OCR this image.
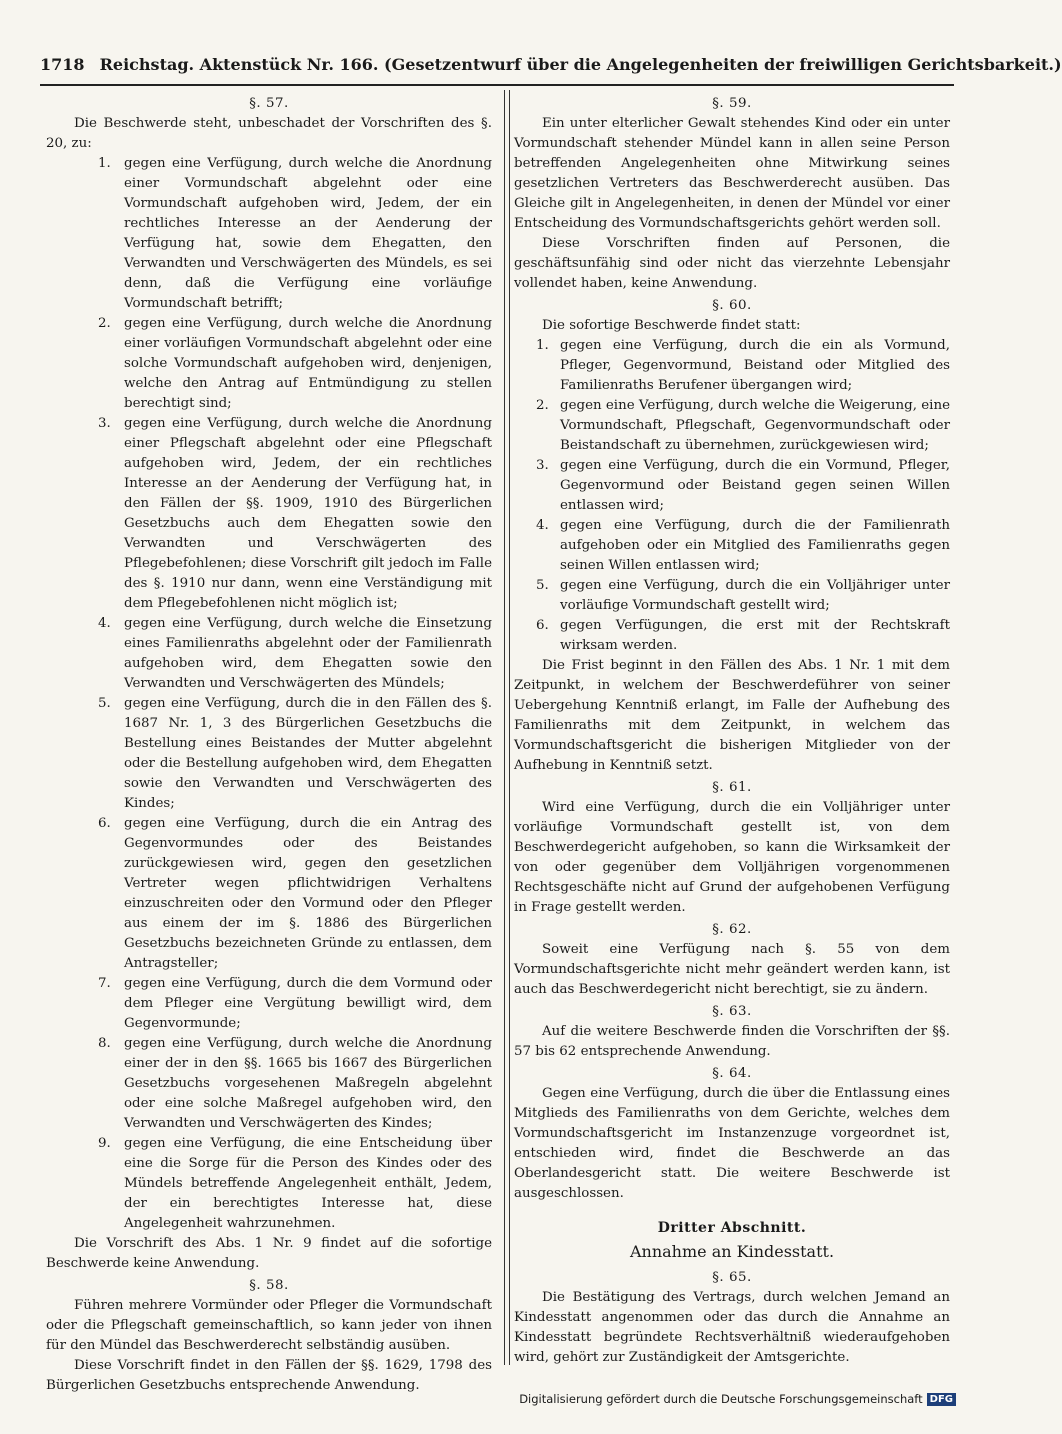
1718 Reichstag. Aktenstück Nr. 166. (Gesetzentwurf über die Angelegenheiten der freiwilligen Gerichtsbarkeit.)
§. 57.

Die Beschwerde steht, unbeschadet der Vorschriften des §. 20, zu:

1. gegen eine Verfügung, durch welche die Anordnung einer Vormundschaft abgelehnt oder eine Vormundschaft aufgehoben wird, Jedem, der ein rechtliches Interesse an der Aenderung der Verfügung hat, sowie dem Ehegatten, den Verwandten und Verschwägerten des Mündels, es sei denn, daß die Verfügung eine vorläufige Vormundschaft betrifft;
2. gegen eine Verfügung, durch welche die Anordnung einer vorläufigen Vormundschaft abgelehnt oder eine solche Vormundschaft aufgehoben wird, denjenigen, welche den Antrag auf Entmündigung zu stellen berechtigt sind;
3. gegen eine Verfügung, durch welche die Anordnung einer Pflegschaft abgelehnt oder eine Pflegschaft aufgehoben wird, Jedem, der ein rechtliches Interesse an der Aenderung der Verfügung hat, in den Fällen der §§. 1909, 1910 des Bürgerlichen Gesetzbuchs auch dem Ehegatten sowie den Verwandten und Verschwägerten des Pflegebefohlenen; diese Vorschrift gilt jedoch im Falle des §. 1910 nur dann, wenn eine Verständigung mit dem Pflegebefohlenen nicht möglich ist;
4. gegen eine Verfügung, durch welche die Einsetzung eines Familienraths abgelehnt oder der Familienrath aufgehoben wird, dem Ehegatten sowie den Verwandten und Verschwägerten des Mündels;
5. gegen eine Verfügung, durch die in den Fällen des §. 1687 Nr. 1, 3 des Bürgerlichen Gesetzbuchs die Bestellung eines Beistandes der Mutter abgelehnt oder die Bestellung aufgehoben wird, dem Ehegatten sowie den Verwandten und Verschwägerten des Kindes;
6. gegen eine Verfügung, durch die ein Antrag des Gegenvormundes oder des Beistandes zurückgewiesen wird, gegen den gesetzlichen Vertreter wegen pflichtwidrigen Verhaltens einzuschreiten oder den Vormund oder den Pfleger aus einem der im §. 1886 des Bürgerlichen Gesetzbuchs bezeichneten Gründe zu entlassen, dem Antragsteller;
7. gegen eine Verfügung, durch die dem Vormund oder dem Pfleger eine Vergütung bewilligt wird, dem Gegenvormunde;
8. gegen eine Verfügung, durch welche die Anordnung einer der in den §§. 1665 bis 1667 des Bürgerlichen Gesetzbuchs vorgesehenen Maßregeln abgelehnt oder eine solche Maßregel aufgehoben wird, den Verwandten und Verschwägerten des Kindes;
9. gegen eine Verfügung, die eine Entscheidung über eine die Sorge für die Person des Kindes oder des Mündels betreffende Angelegenheit enthält, Jedem, der ein berechtigtes Interesse hat, diese Angelegenheit wahrzunehmen.

Die Vorschrift des Abs. 1 Nr. 9 findet auf die sofortige Beschwerde keine Anwendung.

§. 58.

Führen mehrere Vormünder oder Pfleger die Vormundschaft oder die Pflegschaft gemeinschaftlich, so kann jeder von ihnen für den Mündel das Beschwerderecht selbständig ausüben.

Diese Vorschrift findet in den Fällen der §§. 1629, 1798 des Bürgerlichen Gesetzbuchs entsprechende Anwendung.

§. 59.

Ein unter elterlicher Gewalt stehendes Kind oder ein unter Vormundschaft stehender Mündel kann in allen seine Person betreffenden Angelegenheiten ohne Mitwirkung seines gesetzlichen Vertreters das Beschwerderecht ausüben. Das Gleiche gilt in Angelegenheiten, in denen der Mündel vor einer Entscheidung des Vormundschaftsgerichts gehört werden soll.

Diese Vorschriften finden auf Personen, die geschäftsunfähig sind oder nicht das vierzehnte Lebensjahr vollendet haben, keine Anwendung.

§. 60.

Die sofortige Beschwerde findet statt:

1. gegen eine Verfügung, durch die ein als Vormund, Pfleger, Gegenvormund, Beistand oder Mitglied des Familienraths Berufener übergangen wird;
2. gegen eine Verfügung, durch welche die Weigerung, eine Vormundschaft, Pflegschaft, Gegenvormundschaft oder Beistandschaft zu übernehmen, zurückgewiesen wird;
3. gegen eine Verfügung, durch die ein Vormund, Pfleger, Gegenvormund oder Beistand gegen seinen Willen entlassen wird;
4. gegen eine Verfügung, durch die der Familienrath aufgehoben oder ein Mitglied des Familienraths gegen seinen Willen entlassen wird;
5. gegen eine Verfügung, durch die ein Volljähriger unter vorläufige Vormundschaft gestellt wird;
6. gegen Verfügungen, die erst mit der Rechtskraft wirksam werden.

Die Frist beginnt in den Fällen des Abs. 1 Nr. 1 mit dem Zeitpunkt, in welchem der Beschwerdeführer von seiner Uebergehung Kenntniß erlangt, im Falle der Aufhebung des Familienraths mit dem Zeitpunkt, in welchem das Vormundschaftsgericht die bisherigen Mitglieder von der Aufhebung in Kenntniß setzt.

§. 61.

Wird eine Verfügung, durch die ein Volljähriger unter vorläufige Vormundschaft gestellt ist, von dem Beschwerdegericht aufgehoben, so kann die Wirksamkeit der von oder gegenüber dem Volljährigen vorgenommenen Rechtsgeschäfte nicht auf Grund der aufgehobenen Verfügung in Frage gestellt werden.

§. 62.

Soweit eine Verfügung nach §. 55 von dem Vormundschaftsgerichte nicht mehr geändert werden kann, ist auch das Beschwerdegericht nicht berechtigt, sie zu ändern.

§. 63.

Auf die weitere Beschwerde finden die Vorschriften der §§. 57 bis 62 entsprechende Anwendung.

§. 64.

Gegen eine Verfügung, durch die über die Entlassung eines Mitglieds des Familienraths von dem Gerichte, welches dem Vormundschaftsgericht im Instanzenzuge vorgeordnet ist, entschieden wird, findet die Beschwerde an das Oberlandesgericht statt. Die weitere Beschwerde ist ausgeschlossen.

Dritter Abschnitt.
Annahme an Kindesstatt.
§. 65.

Die Bestätigung des Vertrags, durch welchen Jemand an Kindesstatt angenommen oder das durch die Annahme an Kindesstatt begründete Rechtsverhältniß wiederaufgehoben wird, gehört zur Zuständigkeit der Amtsgerichte.

Digitalisierung gefördert durch die Deutsche Forschungsgemeinschaft DFG
